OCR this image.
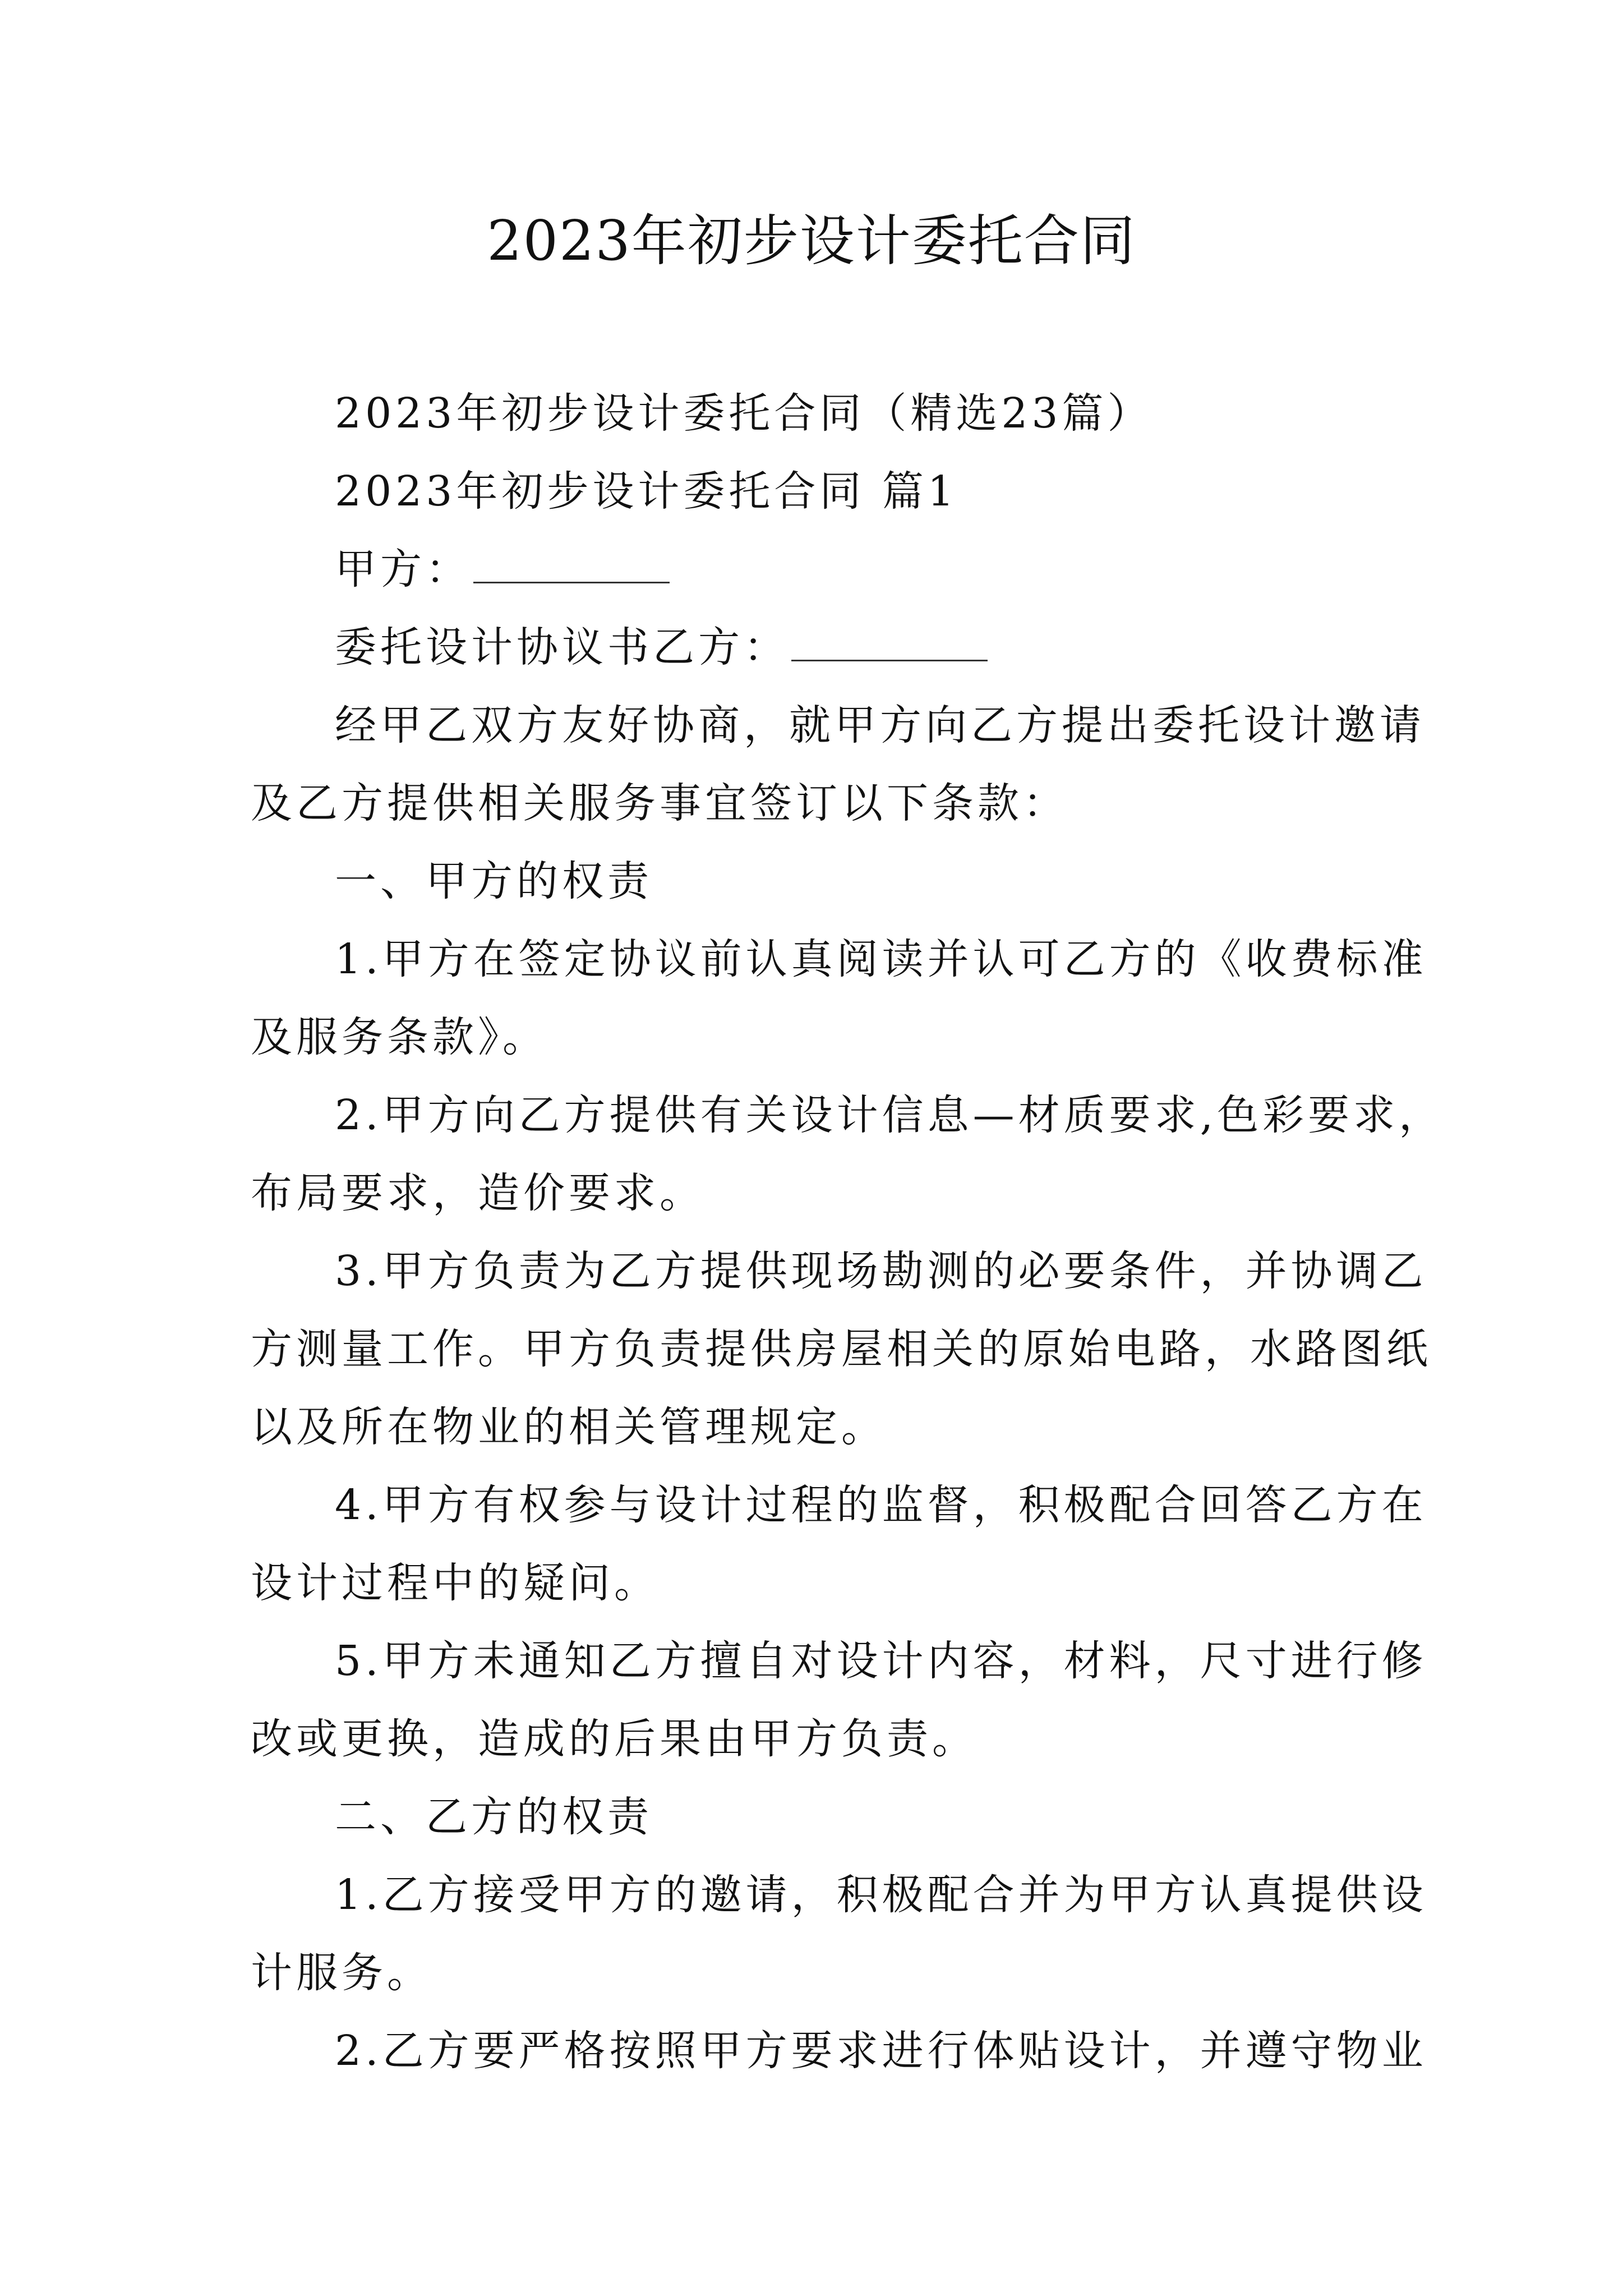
2023年初步设计委托合同
2023年初步设计委托合同（精选23篇）
2023年初步设计委托合同 篇1
甲方：
委托设计协议书乙方：
经甲乙双方友好协商，就甲方向乙方提出委托设计邀请
及乙方提供相关服务事宜签订以下条款：
一、甲方的权责
1.甲方在签定协议前认真阅读并认可乙方的《收费标准
及服务条款》。
2.甲方向乙方提供有关设计信息—材质要求,色彩要求，
布局要求，造价要求。
3.甲方负责为乙方提供现场勘测的必要条件，并协调乙
方测量工作。甲方负责提供房屋相关的原始电路，水路图纸
以及所在物业的相关管理规定。
4.甲方有权参与设计过程的监督，积极配合回答乙方在
设计过程中的疑问。
5.甲方未通知乙方擅自对设计内容，材料，尺寸进行修
改或更换，造成的后果由甲方负责。
二、乙方的权责
1.乙方接受甲方的邀请，积极配合并为甲方认真提供设
计服务。
2.乙方要严格按照甲方要求进行体贴设计，并遵守物业
